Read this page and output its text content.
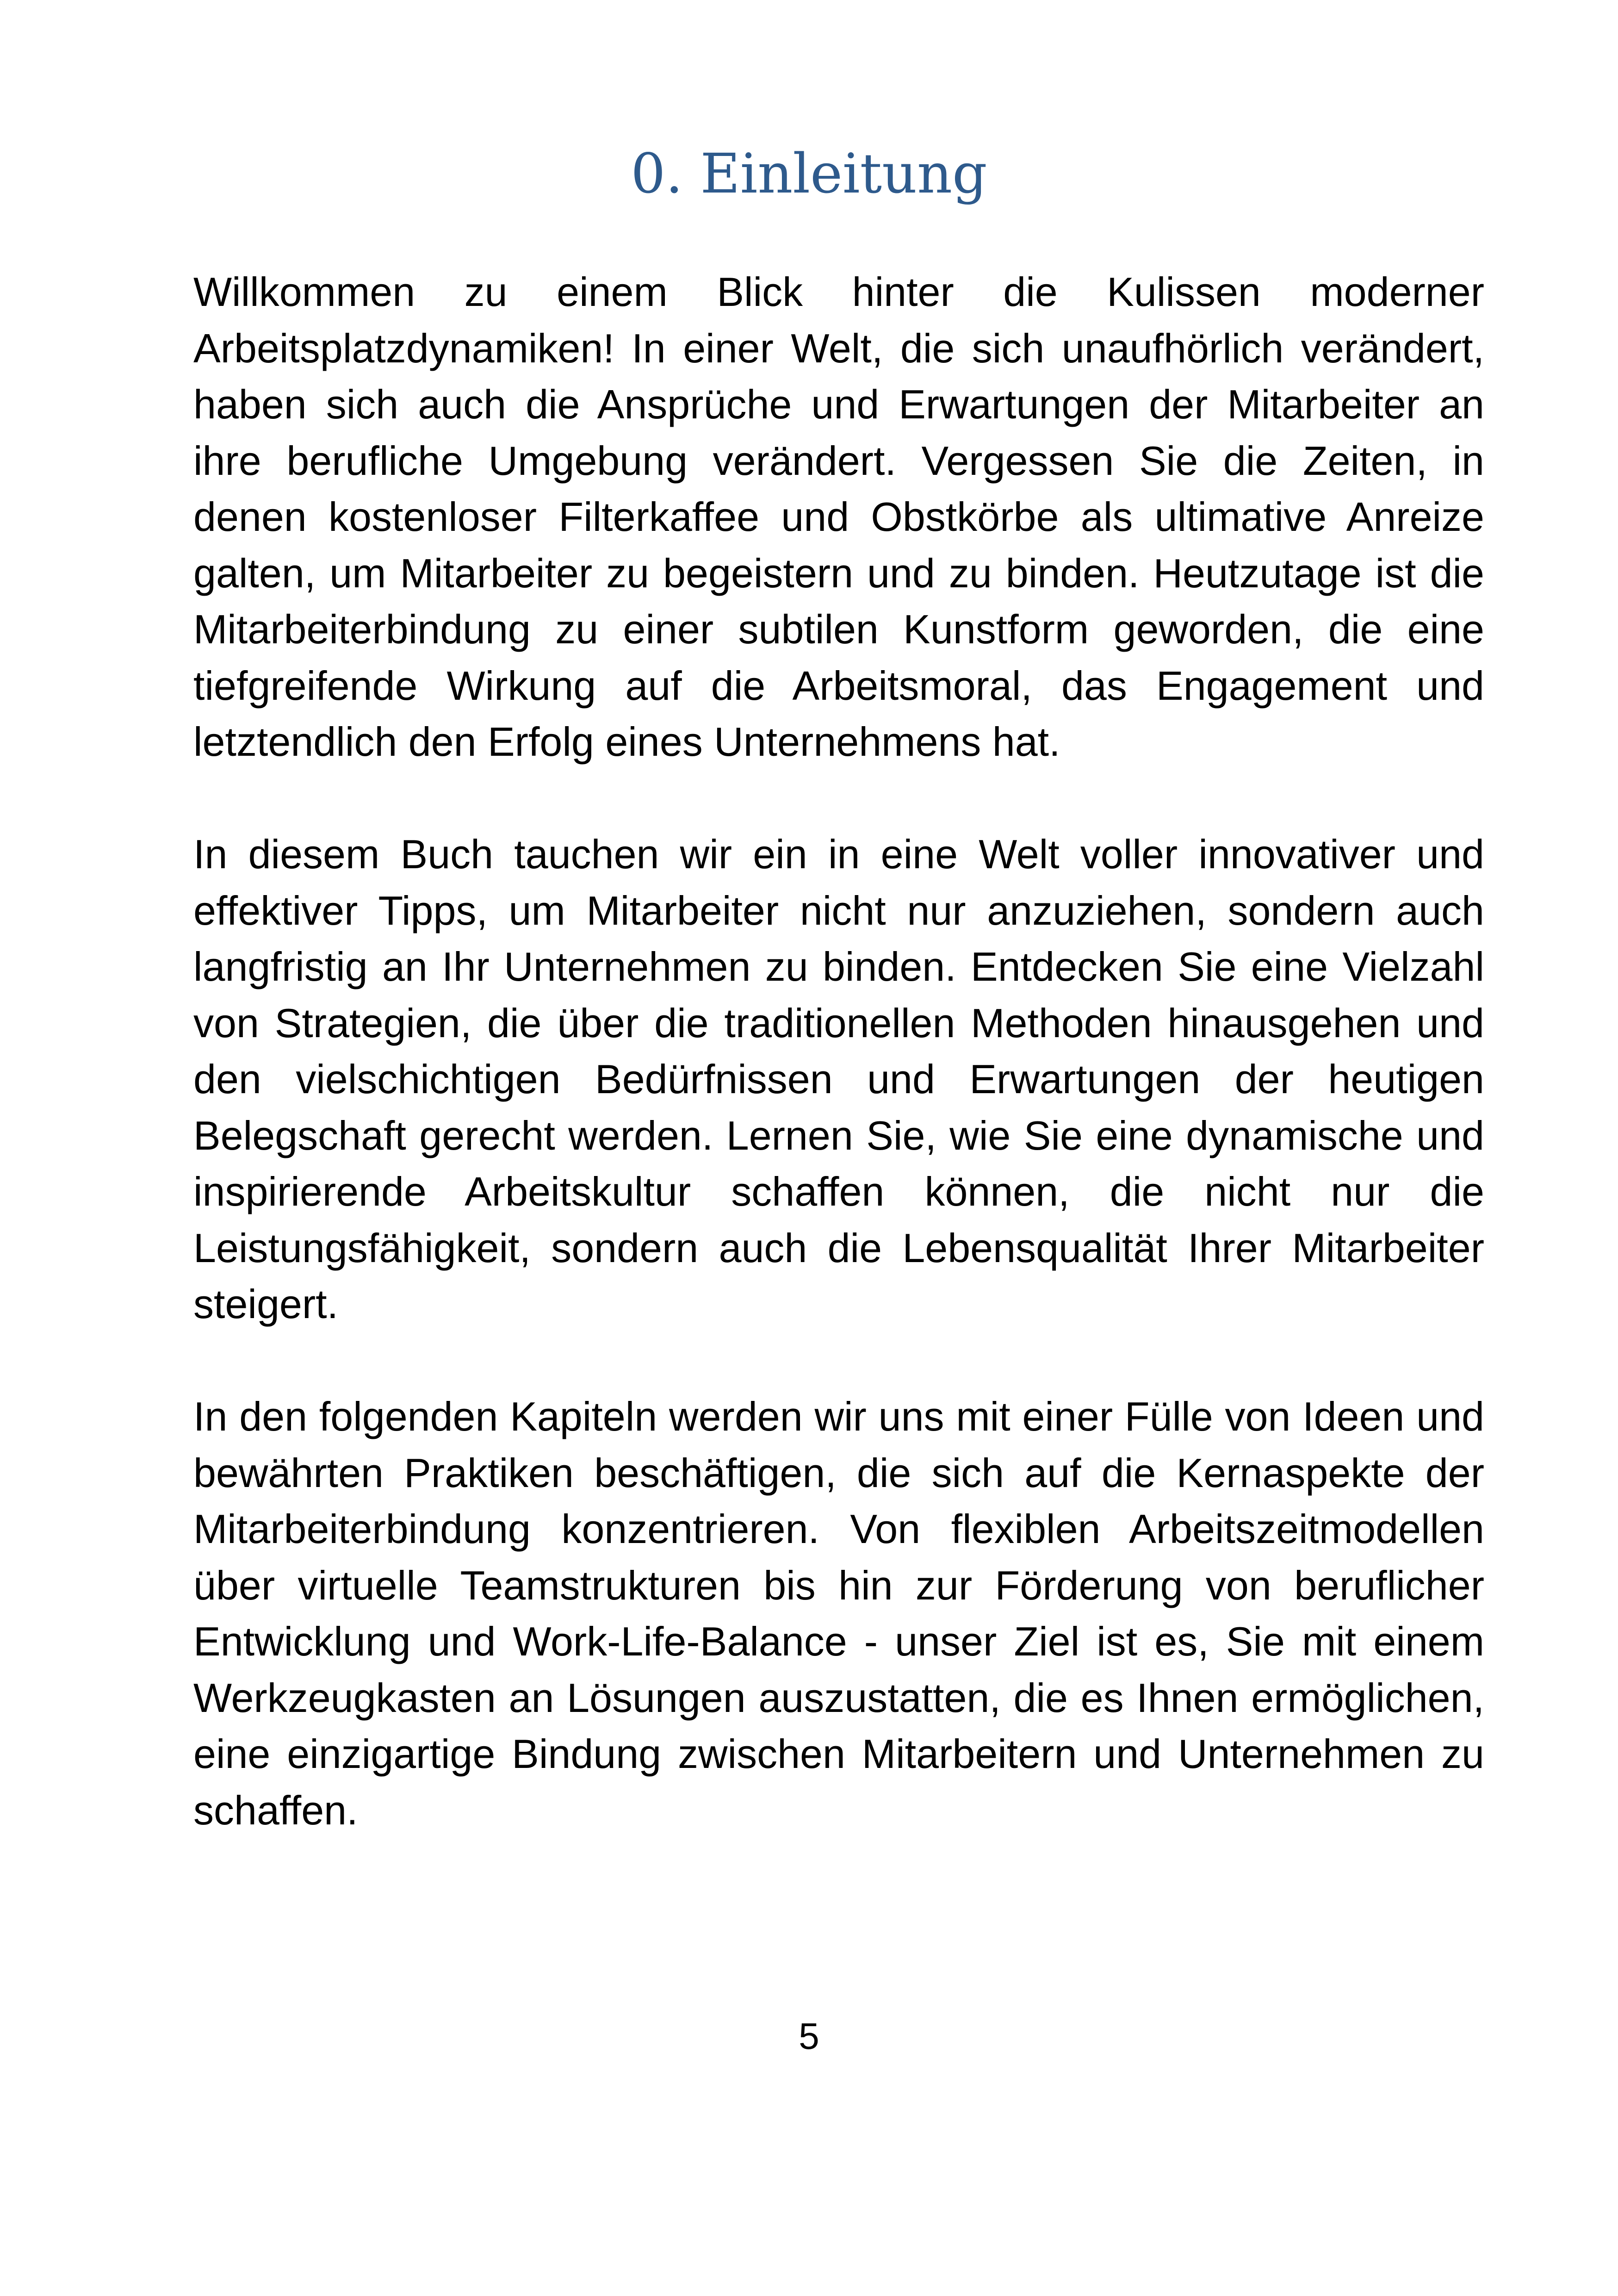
0. Einleitung

Willkommen zu einem Blick hinter die Kulissen moderner Arbeitsplatzdynamiken! In einer Welt, die sich unaufhörlich verändert, haben sich auch die Ansprüche und Erwartungen der Mitarbeiter an ihre berufliche Umgebung verändert. Vergessen Sie die Zeiten, in denen kostenloser Filterkaffee und Obstkörbe als ultimative Anreize galten, um Mitarbeiter zu begeistern und zu binden. Heutzutage ist die Mitarbeiterbindung zu einer subtilen Kunstform geworden, die eine tiefgreifende Wirkung auf die Arbeitsmoral, das Engagement und letztendlich den Erfolg eines Unternehmens hat.

In diesem Buch tauchen wir ein in eine Welt voller innovativer und effektiver Tipps, um Mitarbeiter nicht nur anzuziehen, sondern auch langfristig an Ihr Unternehmen zu binden. Entdecken Sie eine Vielzahl von Strategien, die über die traditionellen Methoden hinausgehen und den vielschichtigen Bedürfnissen und Erwartungen der heutigen Belegschaft gerecht werden. Lernen Sie, wie Sie eine dynamische und inspirierende Arbeitskultur schaffen können, die nicht nur die Leistungsfähigkeit, sondern auch die Lebensqualität Ihrer Mitarbeiter steigert.

In den folgenden Kapiteln werden wir uns mit einer Fülle von Ideen und bewährten Praktiken beschäftigen, die sich auf die Kernaspekte der Mitarbeiterbindung konzentrieren. Von flexiblen Arbeitszeitmodellen über virtuelle Teamstrukturen bis hin zur Förderung von beruflicher Entwicklung und Work-Life-Balance - unser Ziel ist es, Sie mit einem Werkzeugkasten an Lösungen auszustatten, die es Ihnen ermöglichen, eine einzigartige Bindung zwischen Mitarbeitern und Unternehmen zu schaffen.

5
